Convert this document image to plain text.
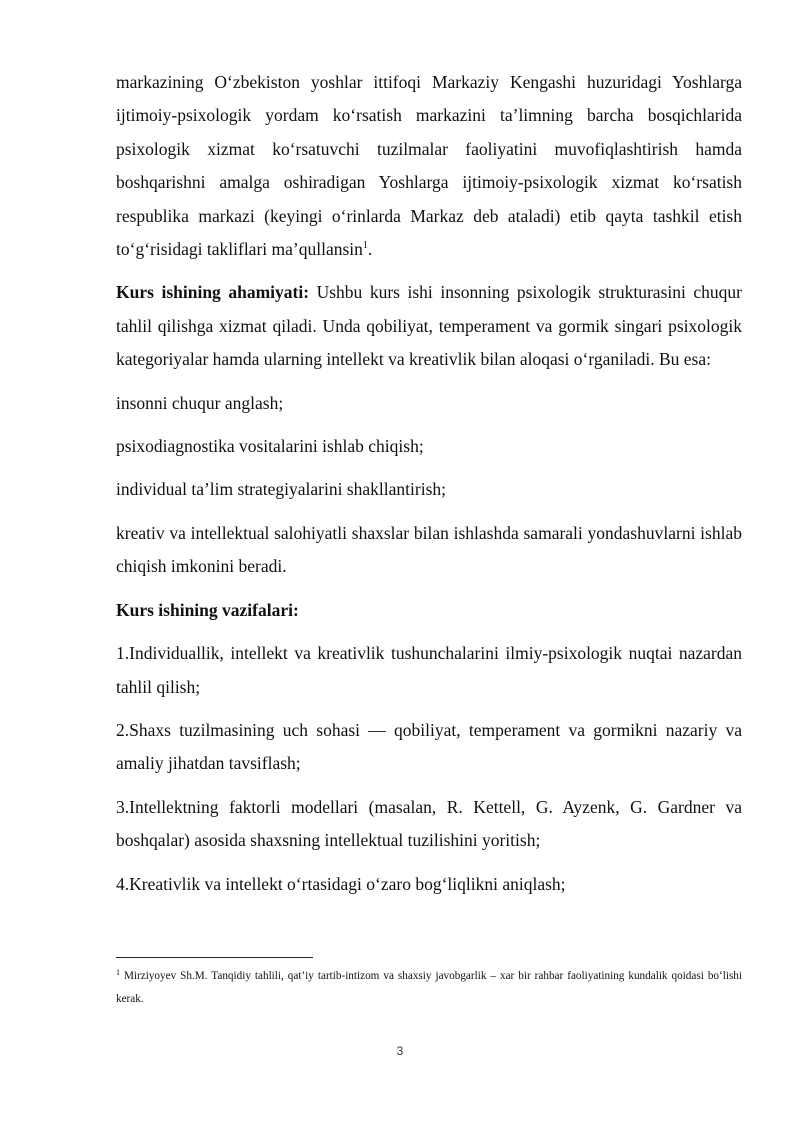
markazining O‘zbekiston yoshlar ittifoqi Markaziy Kengashi huzuridagi Yoshlarga ijtimoiy-psixologik yordam ko‘rsatish markazini ta’limning barcha bosqichlarida psixologik xizmat ko‘rsatuvchi tuzilmalar faoliyatini muvofiqlashtirish hamda boshqarishni amalga oshiradigan Yoshlarga ijtimoiy-psixologik xizmat ko‘rsatish respublika markazi (keyingi o‘rinlarda Markaz deb ataladi) etib qayta tashkil etish to‘g‘risidagi takliflari ma’qullansin$^1$.

Kurs ishining ahamiyati: Ushbu kurs ishi insonning psixologik strukturasini chuqur tahlil qilishga xizmat qiladi. Unda qobiliyat, temperament va gormik singari psixologik kategoriyalar hamda ularning intellekt va kreativlik bilan aloqasi o‘rganiladi. Bu esa:

insonni chuqur anglash;

psixodiagnostika vositalarini ishlab chiqish;

individual ta’lim strategiyalarini shakllantirish;

kreativ va intellektual salohiyatli shaxslar bilan ishlashda samarali yondashuvlarni ishlab chiqish imkonini beradi.

Kurs ishining vazifalari:

1.Individuallik, intellekt va kreativlik tushunchalarini ilmiy-psixologik nuqtai nazardan tahlil qilish;

2.Shaxs tuzilmasining uch sohasi — qobiliyat, temperament va gormikni nazariy va amaliy jihatdan tavsiflash;

3.Intellektning faktorli modellari (masalan, R. Kettell, G. Ayzenk, G. Gardner va boshqalar) asosida shaxsning intellektual tuzilishini yoritish;

4.Kreativlik va intellekt o‘rtasidagi o‘zaro bog‘liqlikni aniqlash;

$^1$ Mirziyoyev Sh.M. Tanqidiy tahlili, qat’iy tartib-intizom va shaxsiy javobgarlik – xar bir rahbar faoliyatining kundalik qoidasi bo‘lishi kerak.

3
